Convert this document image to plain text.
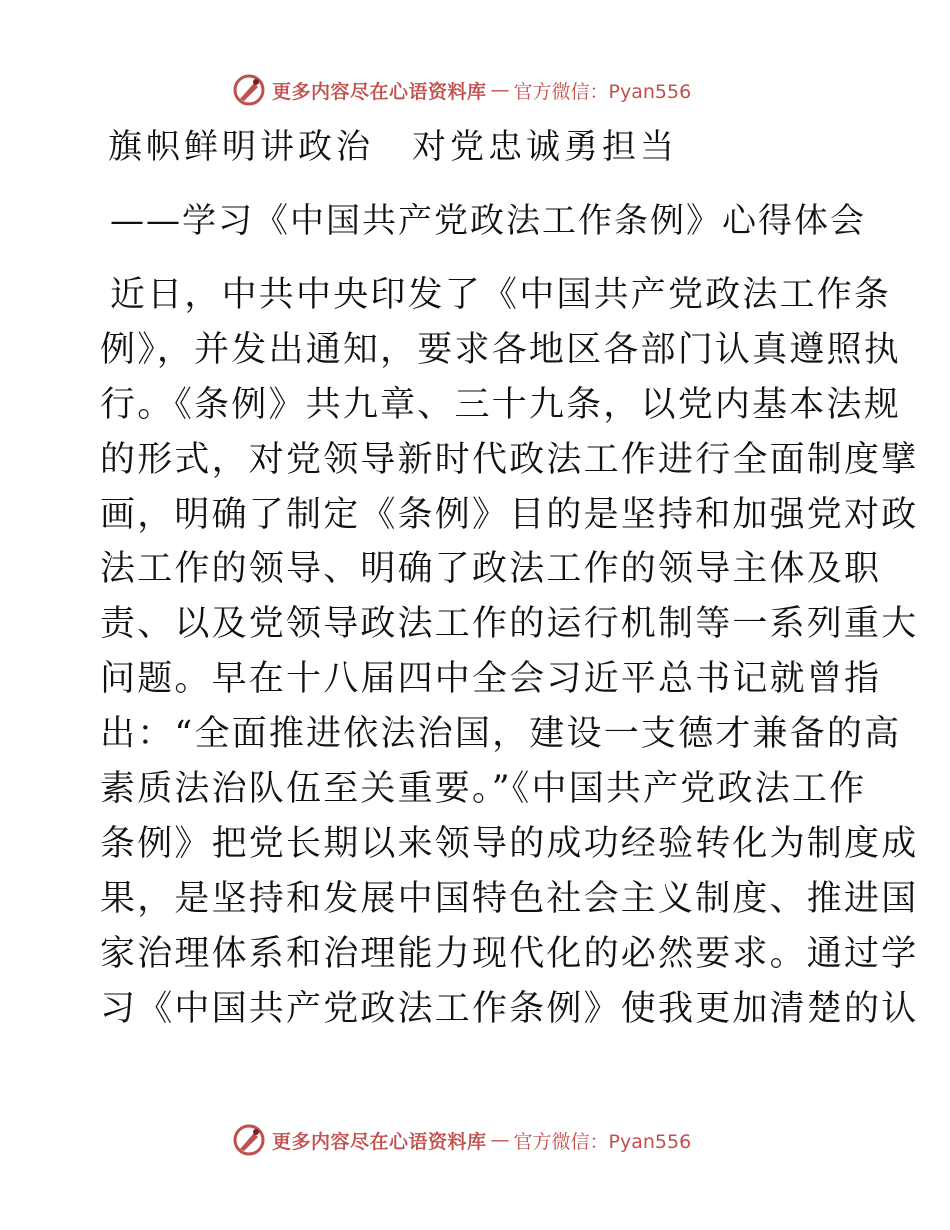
更多内容尽在心语资料库 — 官方微信：Pyan556
旗帜鲜明讲政治 对党忠诚勇担当
——学习《中国共产党政法工作条例》心得体会
近日，中共中央印发了《中国共产党政法工作条
例》，并发出通知，要求各地区各部门认真遵照执
行。《条例》共九章、三十九条，以党内基本法规
的形式，对党领导新时代政法工作进行全面制度擘
画，明确了制定《条例》目的是坚持和加强党对政
法工作的领导、明确了政法工作的领导主体及职
责、以及党领导政法工作的运行机制等一系列重大
问题。早在十八届四中全会习近平总书记就曾指
出：“全面推进依法治国，建设一支德才兼备的高
素质法治队伍至关重要。”《中国共产党政法工作
条例》把党长期以来领导的成功经验转化为制度成
果，是坚持和发展中国特色社会主义制度、推进国
家治理体系和治理能力现代化的必然要求。通过学
习《中国共产党政法工作条例》使我更加清楚的认
更多内容尽在心语资料库 — 官方微信：Pyan556
